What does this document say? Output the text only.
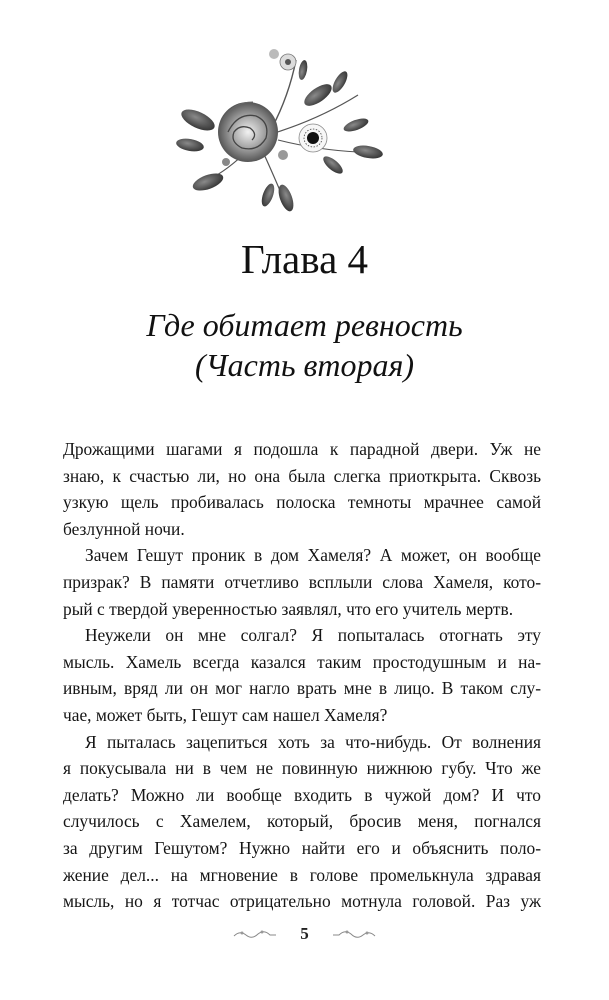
Глава 4
Где обитает ревность
(Часть вторая)

Дрожащими шагами я подошла к парадной двери. Уж не
знаю, к счастью ли, но она была слегка приоткрыта. Сквозь
узкую щель пробивалась полоска темноты мрачнее самой
безлунной ночи.

Зачем Гешут проник в дом Хамеля? А может, он вообще
призрак? В памяти отчетливо всплыли слова Хамеля, кото-
рый с твердой уверенностью заявлял, что его учитель мертв.

Неужели он мне солгал? Я попыталась отогнать эту
мысль. Хамель всегда казался таким простодушным и на-
ивным, вряд ли он мог нагло врать мне в лицо. В таком слу-
чае, может быть, Гешут сам нашел Хамеля?

Я пыталась зацепиться хоть за что-нибудь. От волнения
я покусывала ни в чем не повинную нижнюю губу. Что же
делать? Можно ли вообще входить в чужой дом? И что
случилось с Хамелем, который, бросив меня, погнался
за другим Гешутом? Нужно найти его и объяснить поло-
жение дел... на мгновение в голове промелькнула здравая
мысль, но я тотчас отрицательно мотнула головой. Раз уж

5
